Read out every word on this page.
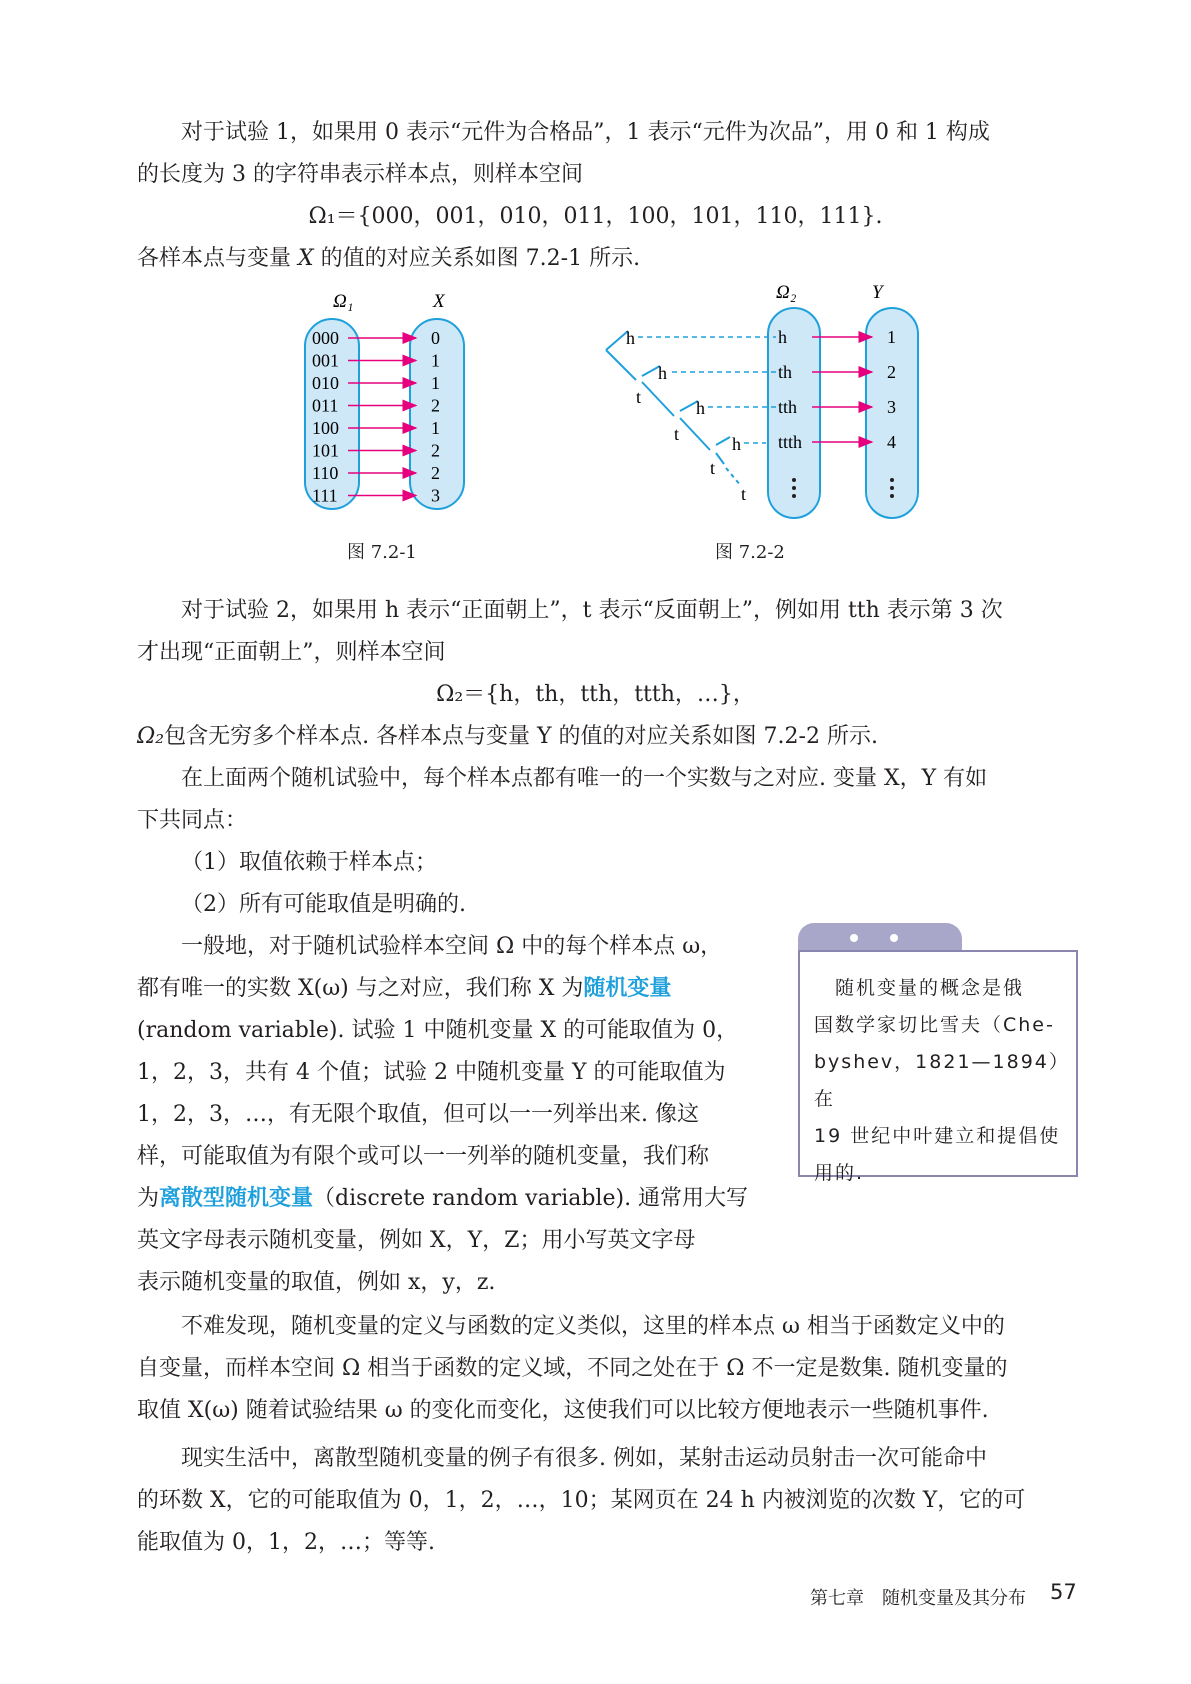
对于试验 1，如果用 0 表示“元件为合格品”，1 表示“元件为次品”，用 0 和 1 构成

的长度为 3 的字符串表示样本点，则样本空间

Ω₁＝{000，001，010，011，100，101，110，111}.

各样本点与变量 X 的值的对应关系如图 7.2-1 所示.

Ω₁	X
000	0
001	1
010	1
011	2
100	1
101	2
110	2
111	3
图 7.2-1
Ω₂	Y
h
h
t
h
t	h
t
t
h	1
th	2
tth	3
ttth	4
图 7.2-2

对于试验 2，如果用 h 表示“正面朝上”，t 表示“反面朝上”，例如用 tth 表示第 3 次

才出现“正面朝上”，则样本空间

Ω₂＝{h，th，tth，ttth，…}，

Ω₂包含无穷多个样本点. 各样本点与变量 Y 的值的对应关系如图 7.2-2 所示.

在上面两个随机试验中，每个样本点都有唯一的一个实数与之对应. 变量 X，Y 有如

下共同点：

（1）取值依赖于样本点；

（2）所有可能取值是明确的.

一般地，对于随机试验样本空间 Ω 中的每个样本点 ω，

都有唯一的实数 X(ω) 与之对应，我们称 X 为随机变量

(random variable). 试验 1 中随机变量 X 的可能取值为 0，

1，2，3，共有 4 个值；试验 2 中随机变量 Y 的可能取值为

1，2，3，…，有无限个取值，但可以一一列举出来. 像这

样，可能取值为有限个或可以一一列举的随机变量，我们称

为离散型随机变量（discrete random variable). 通常用大写

英文字母表示随机变量，例如 X，Y，Z；用小写英文字母

表示随机变量的取值，例如 x，y，z.

　随机变量的概念是俄
国数学家切比雪夫（Che-
byshev，1821—1894）在
19 世纪中叶建立和提倡使
用的.

不难发现，随机变量的定义与函数的定义类似，这里的样本点 ω 相当于函数定义中的

自变量，而样本空间 Ω 相当于函数的定义域，不同之处在于 Ω 不一定是数集. 随机变量的

取值 X(ω) 随着试验结果 ω 的变化而变化，这使我们可以比较方便地表示一些随机事件.

现实生活中，离散型随机变量的例子有很多. 例如，某射击运动员射击一次可能命中

的环数 X，它的可能取值为 0，1，2，…，10；某网页在 24 h 内被浏览的次数 Y，它的可

能取值为 0，1，2，…；等等.

第七章　随机变量及其分布 57
